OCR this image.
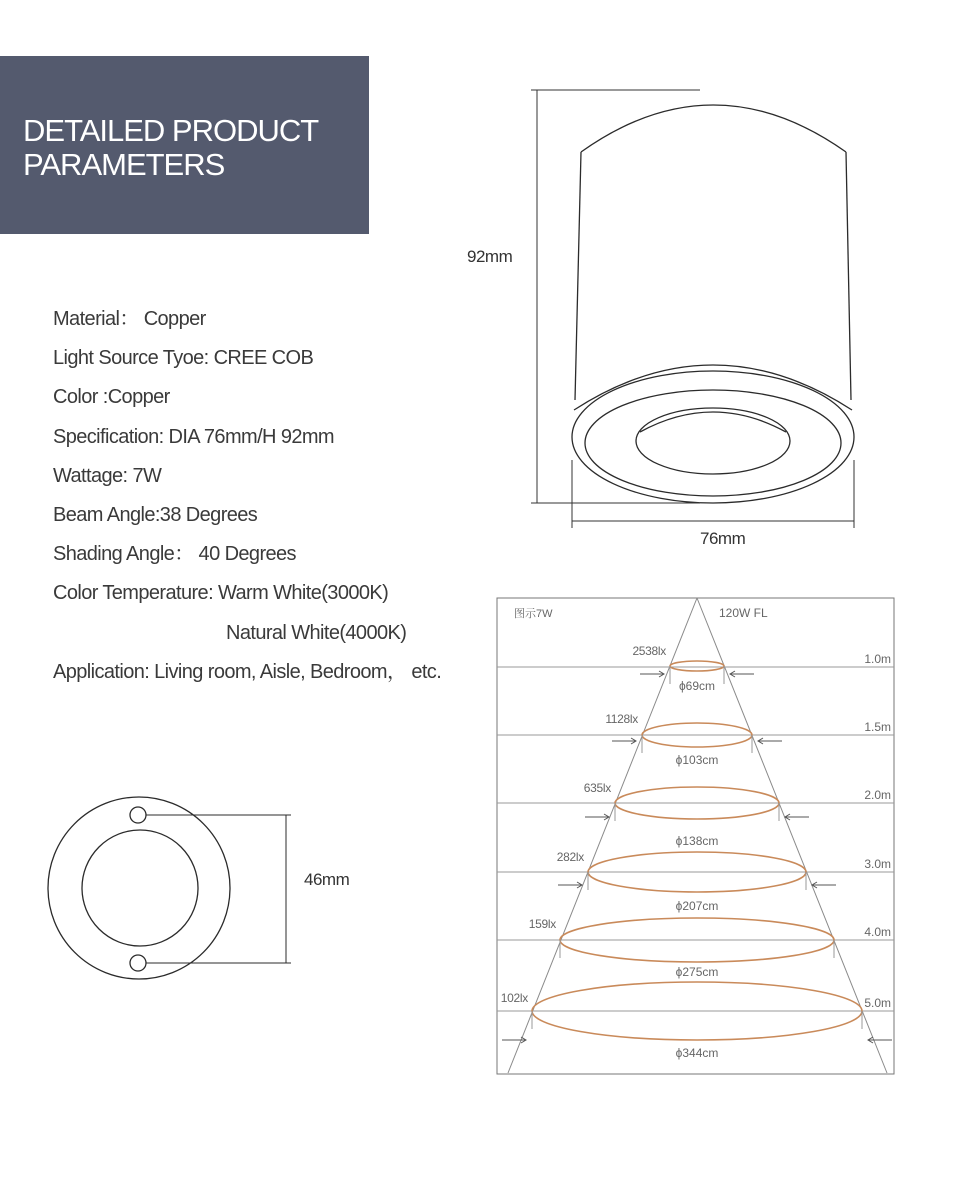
DETAILED PRODUCT
PARAMETERS
Material： Copper
Light Source Tyoe: CREE COB
Color :Copper
Specification: DIA 76mm/H 92mm
Wattage: 7W
Beam Angle:38 Degrees
Shading Angle： 40 Degrees
Color Temperature: Warm White(3000K)
Natural White(4000K)
Application: Living room, Aisle, Bedroom， etc.
92mm
76mm
46mm
图示7W	120W FL
2538lx
ϕ69cm
1.0m
1128lx
ϕ103cm
1.5m
635lx
ϕ138cm
2.0m
282lx
ϕ207cm
3.0m
159lx
ϕ275cm
4.0m
102lx
ϕ344cm
5.0m
